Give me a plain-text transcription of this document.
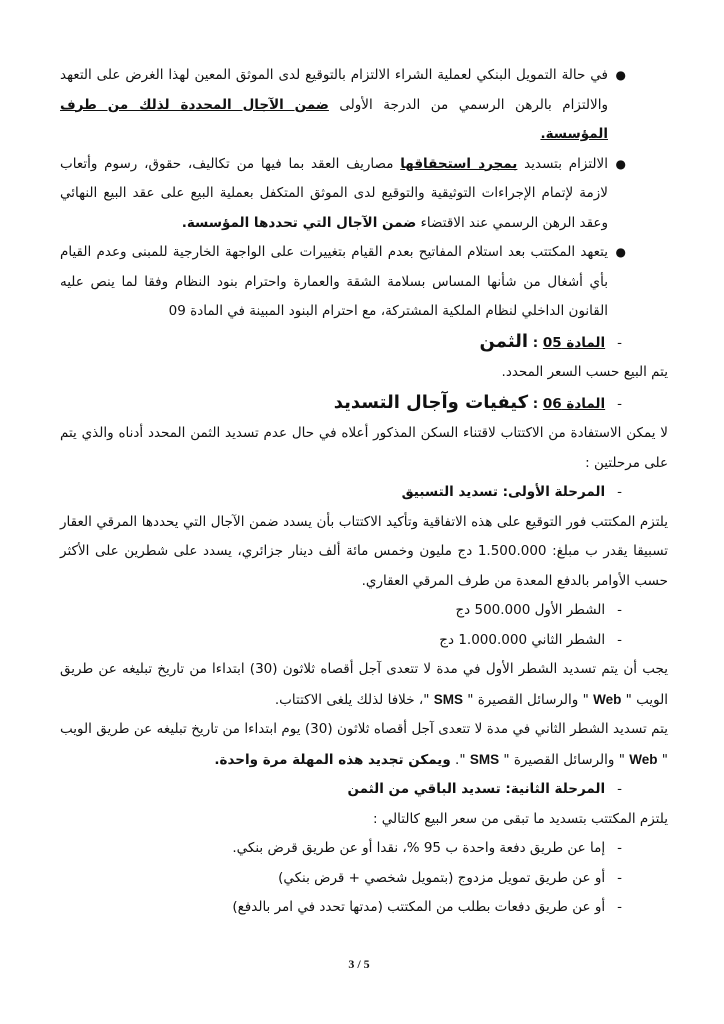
●

في حالة التمويل البنكي لعملية الشراء الالتزام بالتوقيع لدى الموثق المعين لهذا الغرض على التعهد والالتزام بالرهن الرسمي من الدرجة الأولى ضمن الآجال المحددة لذلك من طرف المؤسسة.

●

الالتزام بتسديد بمجرد استحقاقها مصاريف العقد بما فيها من تكاليف، حقوق، رسوم وأتعاب لازمة لإتمام الإجراءات التوثيقية والتوقيع لدى الموثق المتكفل بعملية البيع على عقد البيع النهائي وعقد الرهن الرسمي عند الاقتضاء ضمن الآجال التي تحددها المؤسسة.

●

يتعهد المكتتب بعد استلام المفاتيح بعدم القيام بتغييرات على الواجهة الخارجية للمبنى وعدم القيام بأي أشغال من شأنها المساس بسلامة الشقة والعمارة واحترام بنود النظام وفقا لما ينص عليه القانون الداخلي لنظام الملكية المشتركة، مع احترام البنود المبينة في المادة 09

-المادة 05 : الثمن

يتم البيع حسب السعر المحدد.

-المادة 06 : كيفيات وآجال التسديد

لا يمكن الاستفادة من الاكتتاب لاقتناء السكن المذكور أعلاه في حال عدم تسديد الثمن المحدد أدناه والذي يتم على مرحلتين :

-المرحلة الأولى: تسديد التسبيق

يلتزم المكتتب فور التوقيع على هذه الاتفاقية وتأكيد الاكتتاب بأن يسدد ضمن الآجال التي يحددها المرقي العقار تسبيقا يقدر ب مبلغ: 1.500.000 دج مليون وخمس مائة ألف دينار جزائري، يسدد على شطرين على الأكثر حسب الأوامر بالدفع المعدة من طرف المرقي العقاري.

-الشطر الأول 500.000 دج

-الشطر الثاني 1.000.000 دج

يجب أن يتم تسديد الشطر الأول في مدة لا تتعدى آجل أقصاه ثلاثون (30) ابتداءا من تاريخ تبليغه عن طريق الويب " Web " والرسائل القصيرة " SMS "، خلافا لذلك يلغى الاكتتاب.

يتم تسديد الشطر الثاني في مدة لا تتعدى آجل أقصاه ثلاثون (30) يوم ابتداءا من تاريخ تبليغه عن طريق الويب " Web " والرسائل القصيرة " SMS ". ويمكن تجديد هذه المهلة مرة واحدة.

-المرحلة الثانية: تسديد الباقي من الثمن

يلتزم المكتتب بتسديد ما تبقى من سعر البيع كالتالي :

-إما عن طريق دفعة واحدة ب 95 %، نقدا أو عن طريق قرض بنكي.

-أو عن طريق تمويل مزدوج (بتمويل شخصي + قرض بنكي)

-أو عن طريق دفعات بطلب من المكتتب (مدتها تحدد في امر بالدفع)

3 / 5
